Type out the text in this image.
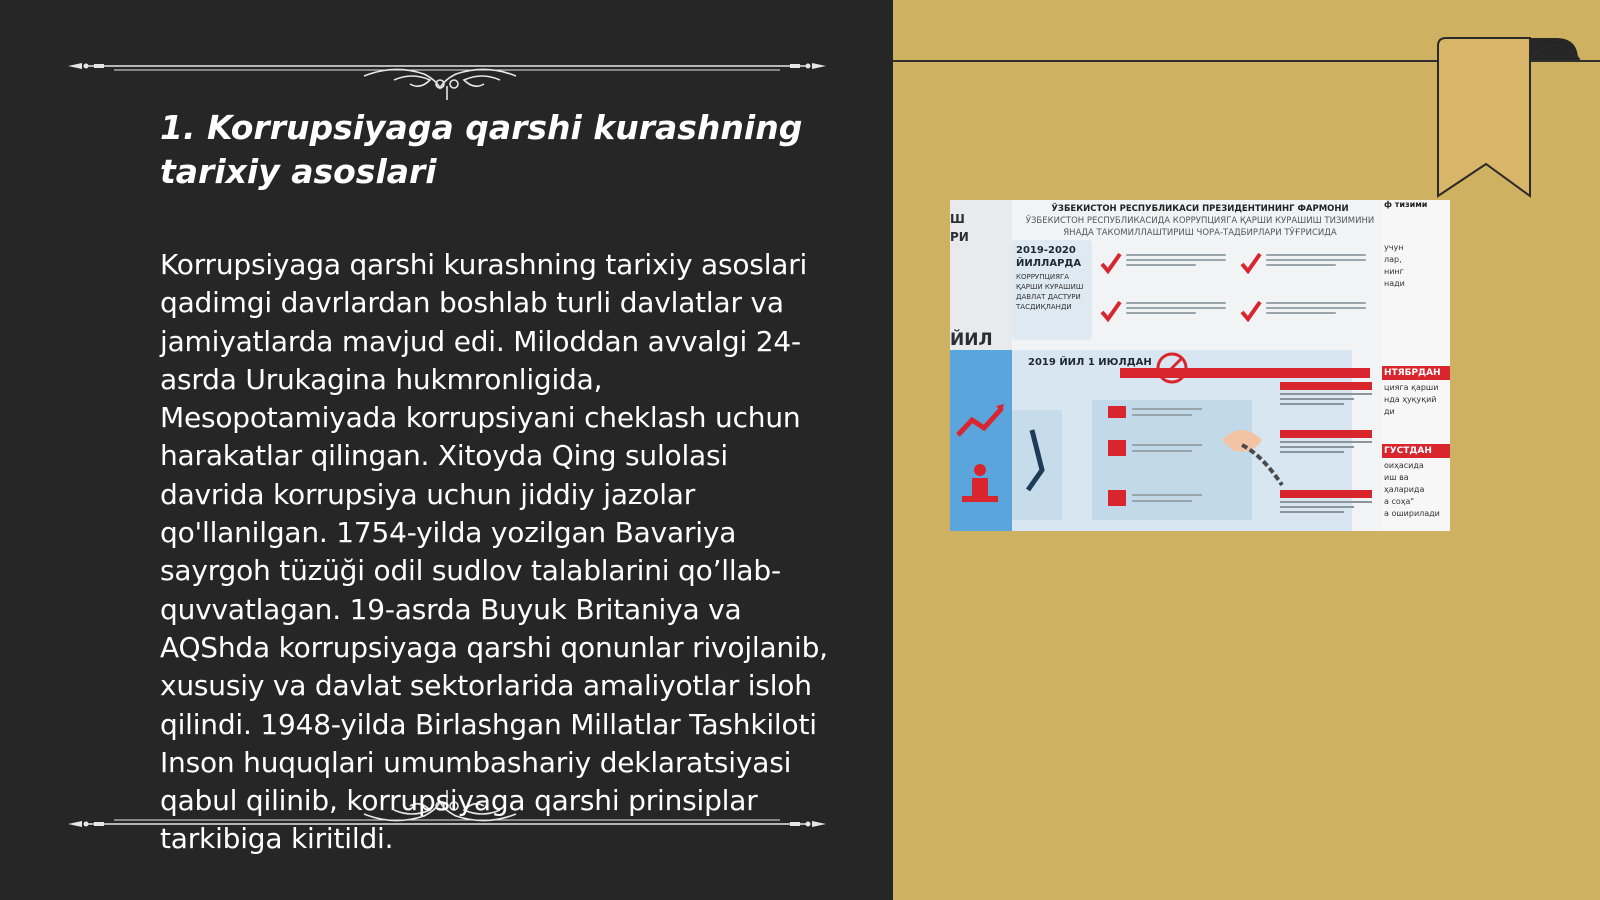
1. Korrupsiyaga qarshi kurashning tarixiy asoslari

Korrupsiyaga qarshi kurashning tarixiy asoslari qadimgi davrlardan boshlab turli davlatlar va jamiyatlarda mavjud edi. Miloddan avvalgi 24-asrda Urukagina hukmronligida, Mesopotamiyada korrupsiyani cheklash uchun harakatlar qilingan. Xitoyda Qing sulolasi davrida korrupsiya uchun jiddiy jazolar qo'llanilgan. 1754-yilda yozilgan Bavariya sayrgoh tüzüği odil sudlov talablarini qo’llab-quvvatlagan. 19-asrda Buyuk Britaniya va AQShda korrupsiyaga qarshi qonunlar rivojlanib, xususiy va davlat sektorlarida amaliyotlar isloh qilindi. 1948-yilda Birlashgan Millatlar Tashkiloti Inson huquqlari umumbashariy deklaratsiyasi qabul qilinib, korrupsiyaga qarshi prinsiplar tarkibiga kiritildi.

Ш
РИ
ЙИЛ
ЎЗБЕКИСТОН РЕСПУБЛИКАСИ ПРЕЗИДЕНТИНИНГ ФАРМОНИ
ЎЗБЕКИСТОН РЕСПУБЛИКАСИДА КОРРУПЦИЯГА ҚАРШИ КУРАШИШ ТИЗИМИНИ
ЯНАДА ТАКОМИЛЛАШТИРИШ ЧОРА-ТАДБИРЛАРИ ТЎҒРИСИДА
2019-2020 ЙИЛЛАРДА
КОРРУПЦИЯГА ҚАРШИ КУРАШИШ ДАВЛАТ ДАСТУРИ ТАСДИҚЛАНДИ
2019 ЙИЛ 1 ИЮЛДАН
ф тизими
учун
лар,
нинг
нади
НТЯБРДАН
цияга қарши
нда ҳуқуқий
ди
ГУСТДАН
оиҳасида
иш ва
ҳаларида
а соҳа"
а оширилади
